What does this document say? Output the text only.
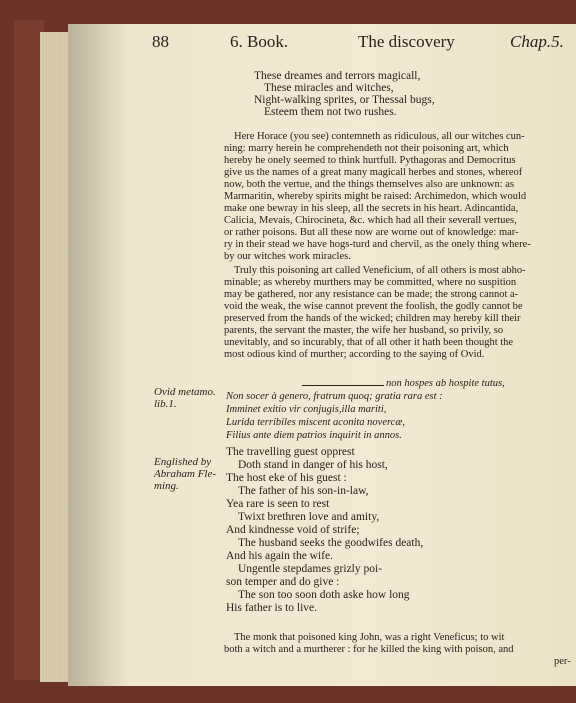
88	6. Book.	The discovery	Chap.5.
These dreames and terrors magicall,
These miracles and witches,
Night-walking sprites, or Thessal bugs,
Esteem them not two rushes.
Here Horace (you see) contemneth as ridiculous, all our witches cun-
ning: marry herein he comprehendeth not their poisoning art, which
hereby he onely seemed to think hurtfull. Pythagoras and Democritus
give us the names of a great many magicall herbes and stones, whereof
now, both the vertue, and the things themselves also are unknown: as
Marmaritin, whereby spirits might be raised: Archimedon, which would
make one bewray in his sleep, all the secrets in his heart. Adincantida,
Calicia, Mevais, Chirocineta, &c. which had all their severall vertues,
or rather poisons. But all these now are worne out of knowledge: mar-
ry in their stead we have hogs-turd and chervil, as the onely thing where-
by our witches work miracles.
Truly this poisoning art called Veneficium, of all others is most abho-
minable; as whereby murthers may be committed, where no suspition
may be gathered, nor any resistance can be made; the strong cannot a-
void the weak, the wise cannot prevent the foolish, the godly cannot be
preserved from the hands of the wicked; children may hereby kill their
parents, the servant the master, the wife her husband, so privily, so
unevitably, and so incurably, that of all other it hath been thought the
most odious kind of murther; according to the saying of Ovid.
Ovid metamo.
lib.1.
non hospes ab hospite tutus,
Non socer à genero, fratrum quoq; gratia rara est :
Imminet exitio vir conjugis,illa mariti,
Lurida terribiles miscent aconita novercæ,
Filius ante diem patrios inquirit in annos.
Englished by
Abraham Fle-
ming.
The travelling guest opprest
Doth stand in danger of his host,
The host eke of his guest :
The father of his son-in-law,
Yea rare is seen to rest
Twixt brethren love and amity,
And kindnesse void of strife;
The husband seeks the goodwifes death,
And his again the wife.
Ungentle stepdames grizly poi-
son temper and do give :
The son too soon doth aske how long
His father is to live.
The monk that poisoned king John, was a right Veneficus; to wit
both a witch and a murtherer : for he killed the king with poison, and
per-
